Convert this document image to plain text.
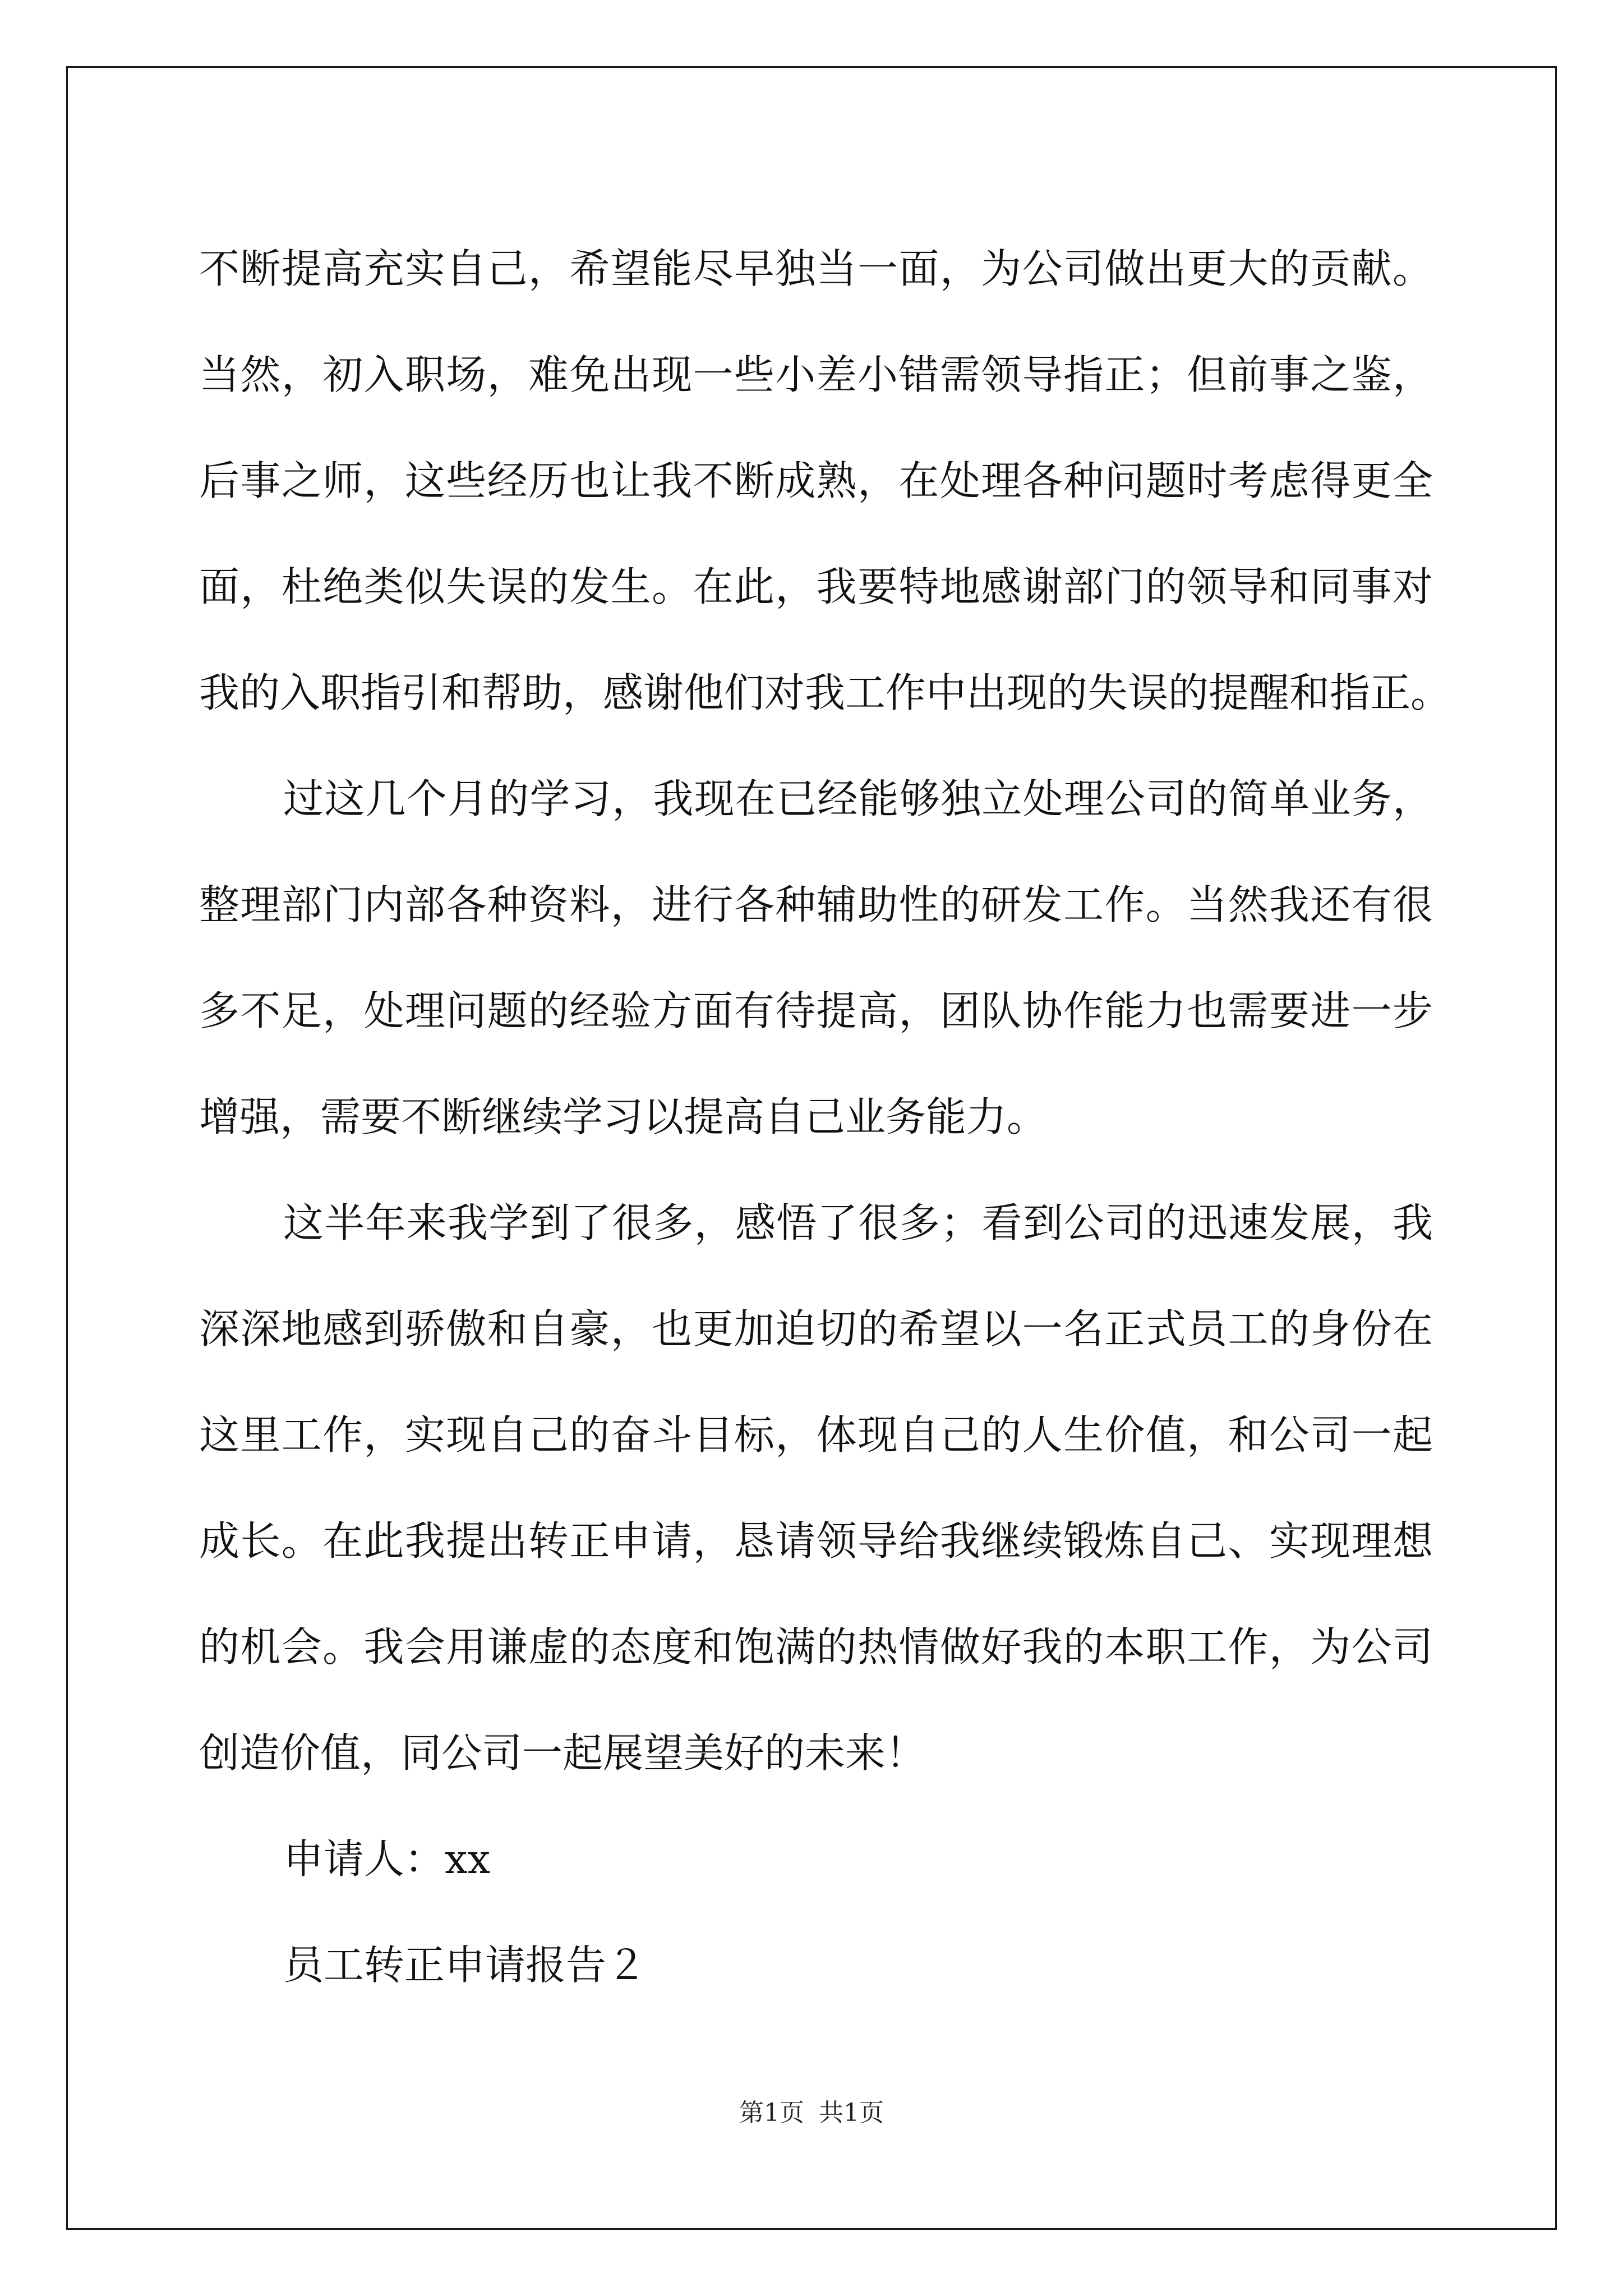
不断提高充实自己，希望能尽早独当一面，为公司做出更大的贡献。
当然，初入职场，难免出现一些小差小错需领导指正；但前事之鉴，
后事之师，这些经历也让我不断成熟，在处理各种问题时考虑得更全
面，杜绝类似失误的发生。在此，我要特地感谢部门的领导和同事对
我的入职指引和帮助，感谢他们对我工作中出现的失误的提醒和指正。
过这几个月的学习，我现在已经能够独立处理公司的简单业务，
整理部门内部各种资料，进行各种辅助性的研发工作。当然我还有很
多不足，处理问题的经验方面有待提高，团队协作能力也需要进一步
增强，需要不断继续学习以提高自己业务能力。
这半年来我学到了很多，感悟了很多；看到公司的迅速发展，我
深深地感到骄傲和自豪，也更加迫切的希望以一名正式员工的身份在
这里工作，实现自己的奋斗目标，体现自己的人生价值，和公司一起
成长。在此我提出转正申请，恳请领导给我继续锻炼自己、实现理想
的机会。我会用谦虚的态度和饱满的热情做好我的本职工作，为公司
创造价值，同公司一起展望美好的未来！
申请人：xx
员工转正申请报告２
第1页 共1页
